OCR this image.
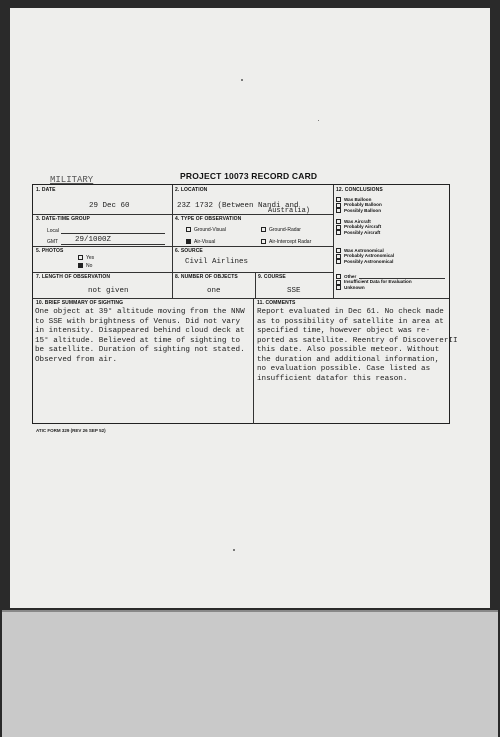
MILITARY	PROJECT 10073 RECORD CARD
1. DATE
29 Dec 60
2. LOCATION
23Z 1732 (Between Nandi and
Australia)
3. DATE-TIME GROUP
Local
GMT 29/1000Z
4. TYPE OF OBSERVATION
Ground-Visual	Ground-Radar
Air-Visual	Air-Intercept Radar
5. PHOTOS
Yes
No
6. SOURCE
Civil Airlines
7. LENGTH OF OBSERVATION
not given
8. NUMBER OF OBJECTS
one
9. COURSE
SSE
12. CONCLUSIONS
Was Balloon
Probably Balloon
Possibly Balloon
Was Aircraft
Probably Aircraft
Possibly Aircraft
Was Astronomical
Probably Astronomical
Possibly Astronomical
Other
Insufficient Data for Evaluation
Unknown
10. BRIEF SUMMARY OF SIGHTING
One object at 39° altitude moving from the NNW
to SSE with brightness of Venus. Did not vary
in intensity. Disappeared behind cloud deck at
15° altitude. Believed at time of sighting to
be satellite. Duration of sighting not stated.
Observed from air.
11. COMMENTS
Report evaluated in Dec 61. No check made
as to possibility of satellite in area at
specified time, however object was re-
ported as satellite. Reentry of DiscovererII
this date. Also possible meteor. Without
the duration and additional information,
no evaluation possible. Case listed as
insufficient datafor this reason.
ATIC FORM 329 (REV 26 SEP 52)
